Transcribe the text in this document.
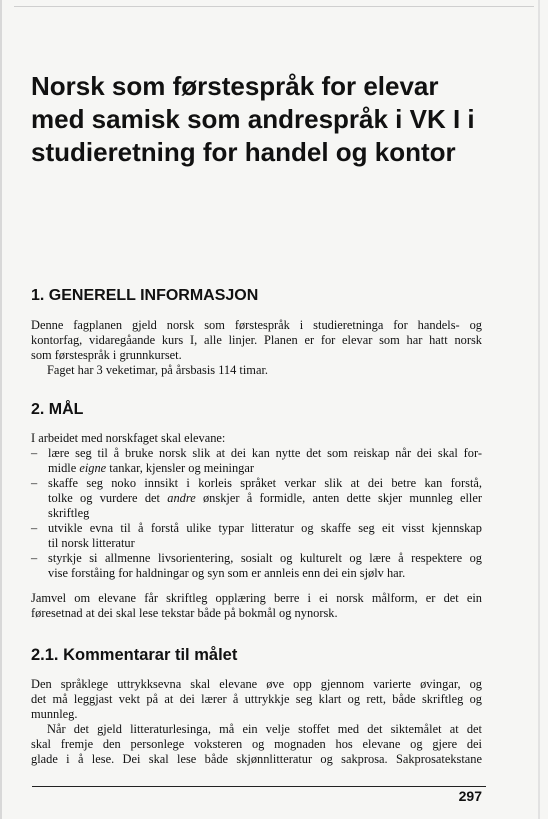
Norsk som førstespråk for elevar
med samisk som andrespråk i VK I i
studieretning for handel og kontor
1. GENERELL INFORMASJON

Denne fagplanen gjeld norsk som førstespråk i studieretninga for handels- og

kontorfag, vidaregåande kurs I, alle linjer. Planen er for elevar som har hatt norsk

som førstespråk i grunnkurset.

Faget har 3 veketimar, på årsbasis 114 timar.

2. MÅL

I arbeidet med norskfaget skal elevane:

– lære seg til å bruke norsk slik at dei kan nytte det som reiskap når dei skal for-

midle eigne tankar, kjensler og meiningar

– skaffe seg noko innsikt i korleis språket verkar slik at dei betre kan forstå,

tolke og vurdere det andre ønskjer å formidle, anten dette skjer munnleg eller

skriftleg

– utvikle evna til å forstå ulike typar litteratur og skaffe seg eit visst kjennskap

til norsk litteratur

– styrkje si allmenne livsorientering, sosialt og kulturelt og lære å respektere og

vise forståing for haldningar og syn som er annleis enn dei ein sjølv har.

Jamvel om elevane får skriftleg opplæring berre i ei norsk målform, er det ein

føresetnad at dei skal lese tekstar både på bokmål og nynorsk.

2.1. Kommentarar til målet

Den språklege uttrykksevna skal elevane øve opp gjennom varierte øvingar, og

det må leggjast vekt på at dei lærer å uttrykkje seg klart og rett, både skriftleg og

munnleg.

Når det gjeld litteraturlesinga, må ein velje stoffet med det siktemålet at det

skal fremje den personlege voksteren og mognaden hos elevane og gjere dei

glade i å lese. Dei skal lese både skjønnlitteratur og sakprosa. Sakprosatekstane

297
